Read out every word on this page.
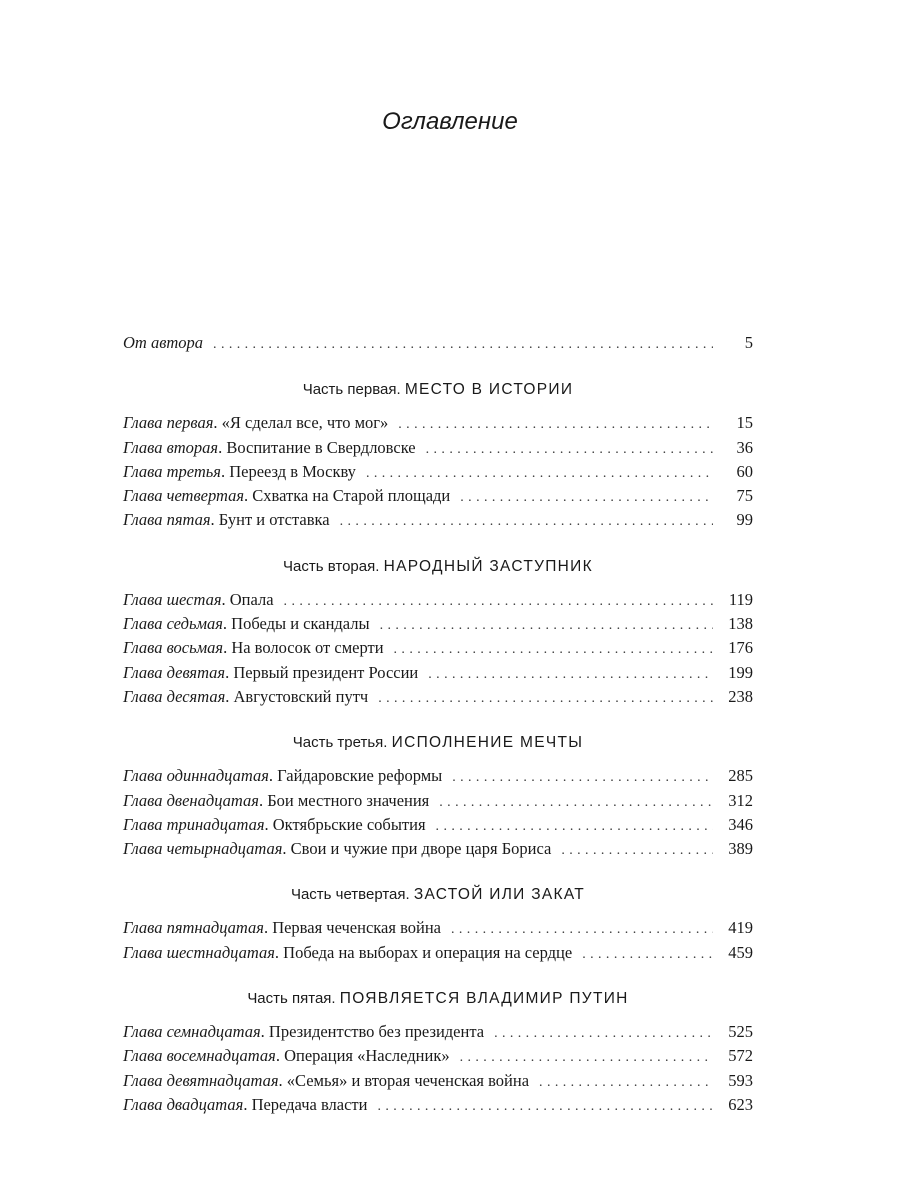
Оглавление
От автора . . .	5
Часть первая. МЕСТО В ИСТОРИИ
Глава первая. «Я сделал все, что мог» . . .	15
Глава вторая. Воспитание в Свердловске . . .	36
Глава третья. Переезд в Москву . . .	60
Глава четвертая. Схватка на Старой площади . . .	75
Глава пятая. Бунт и отставка . . .	99
Часть вторая. НАРОДНЫЙ ЗАСТУПНИК
Глава шестая. Опала . . .	119
Глава седьмая. Победы и скандалы . . .	138
Глава восьмая. На волосок от смерти . . .	176
Глава девятая. Первый президент России . . .	199
Глава десятая. Августовский путч . . .	238
Часть третья. ИСПОЛНЕНИЕ МЕЧТЫ
Глава одиннадцатая. Гайдаровские реформы . . .	285
Глава двенадцатая. Бои местного значения . . .	312
Глава тринадцатая. Октябрьские события . . .	346
Глава четырнадцатая. Свои и чужие при дворе царя Бориса . . .	389
Часть четвертая. ЗАСТОЙ ИЛИ ЗАКАТ
Глава пятнадцатая. Первая чеченская война . . .	419
Глава шестнадцатая. Победа на выборах и операция на сердце . . .	459
Часть пятая. ПОЯВЛЯЕТСЯ ВЛАДИМИР ПУТИН
Глава семнадцатая. Президентство без президента . . .	525
Глава восемнадцатая. Операция «Наследник» . . .	572
Глава девятнадцатая. «Семья» и вторая чеченская война . . .	593
Глава двадцатая. Передача власти . . .	623
